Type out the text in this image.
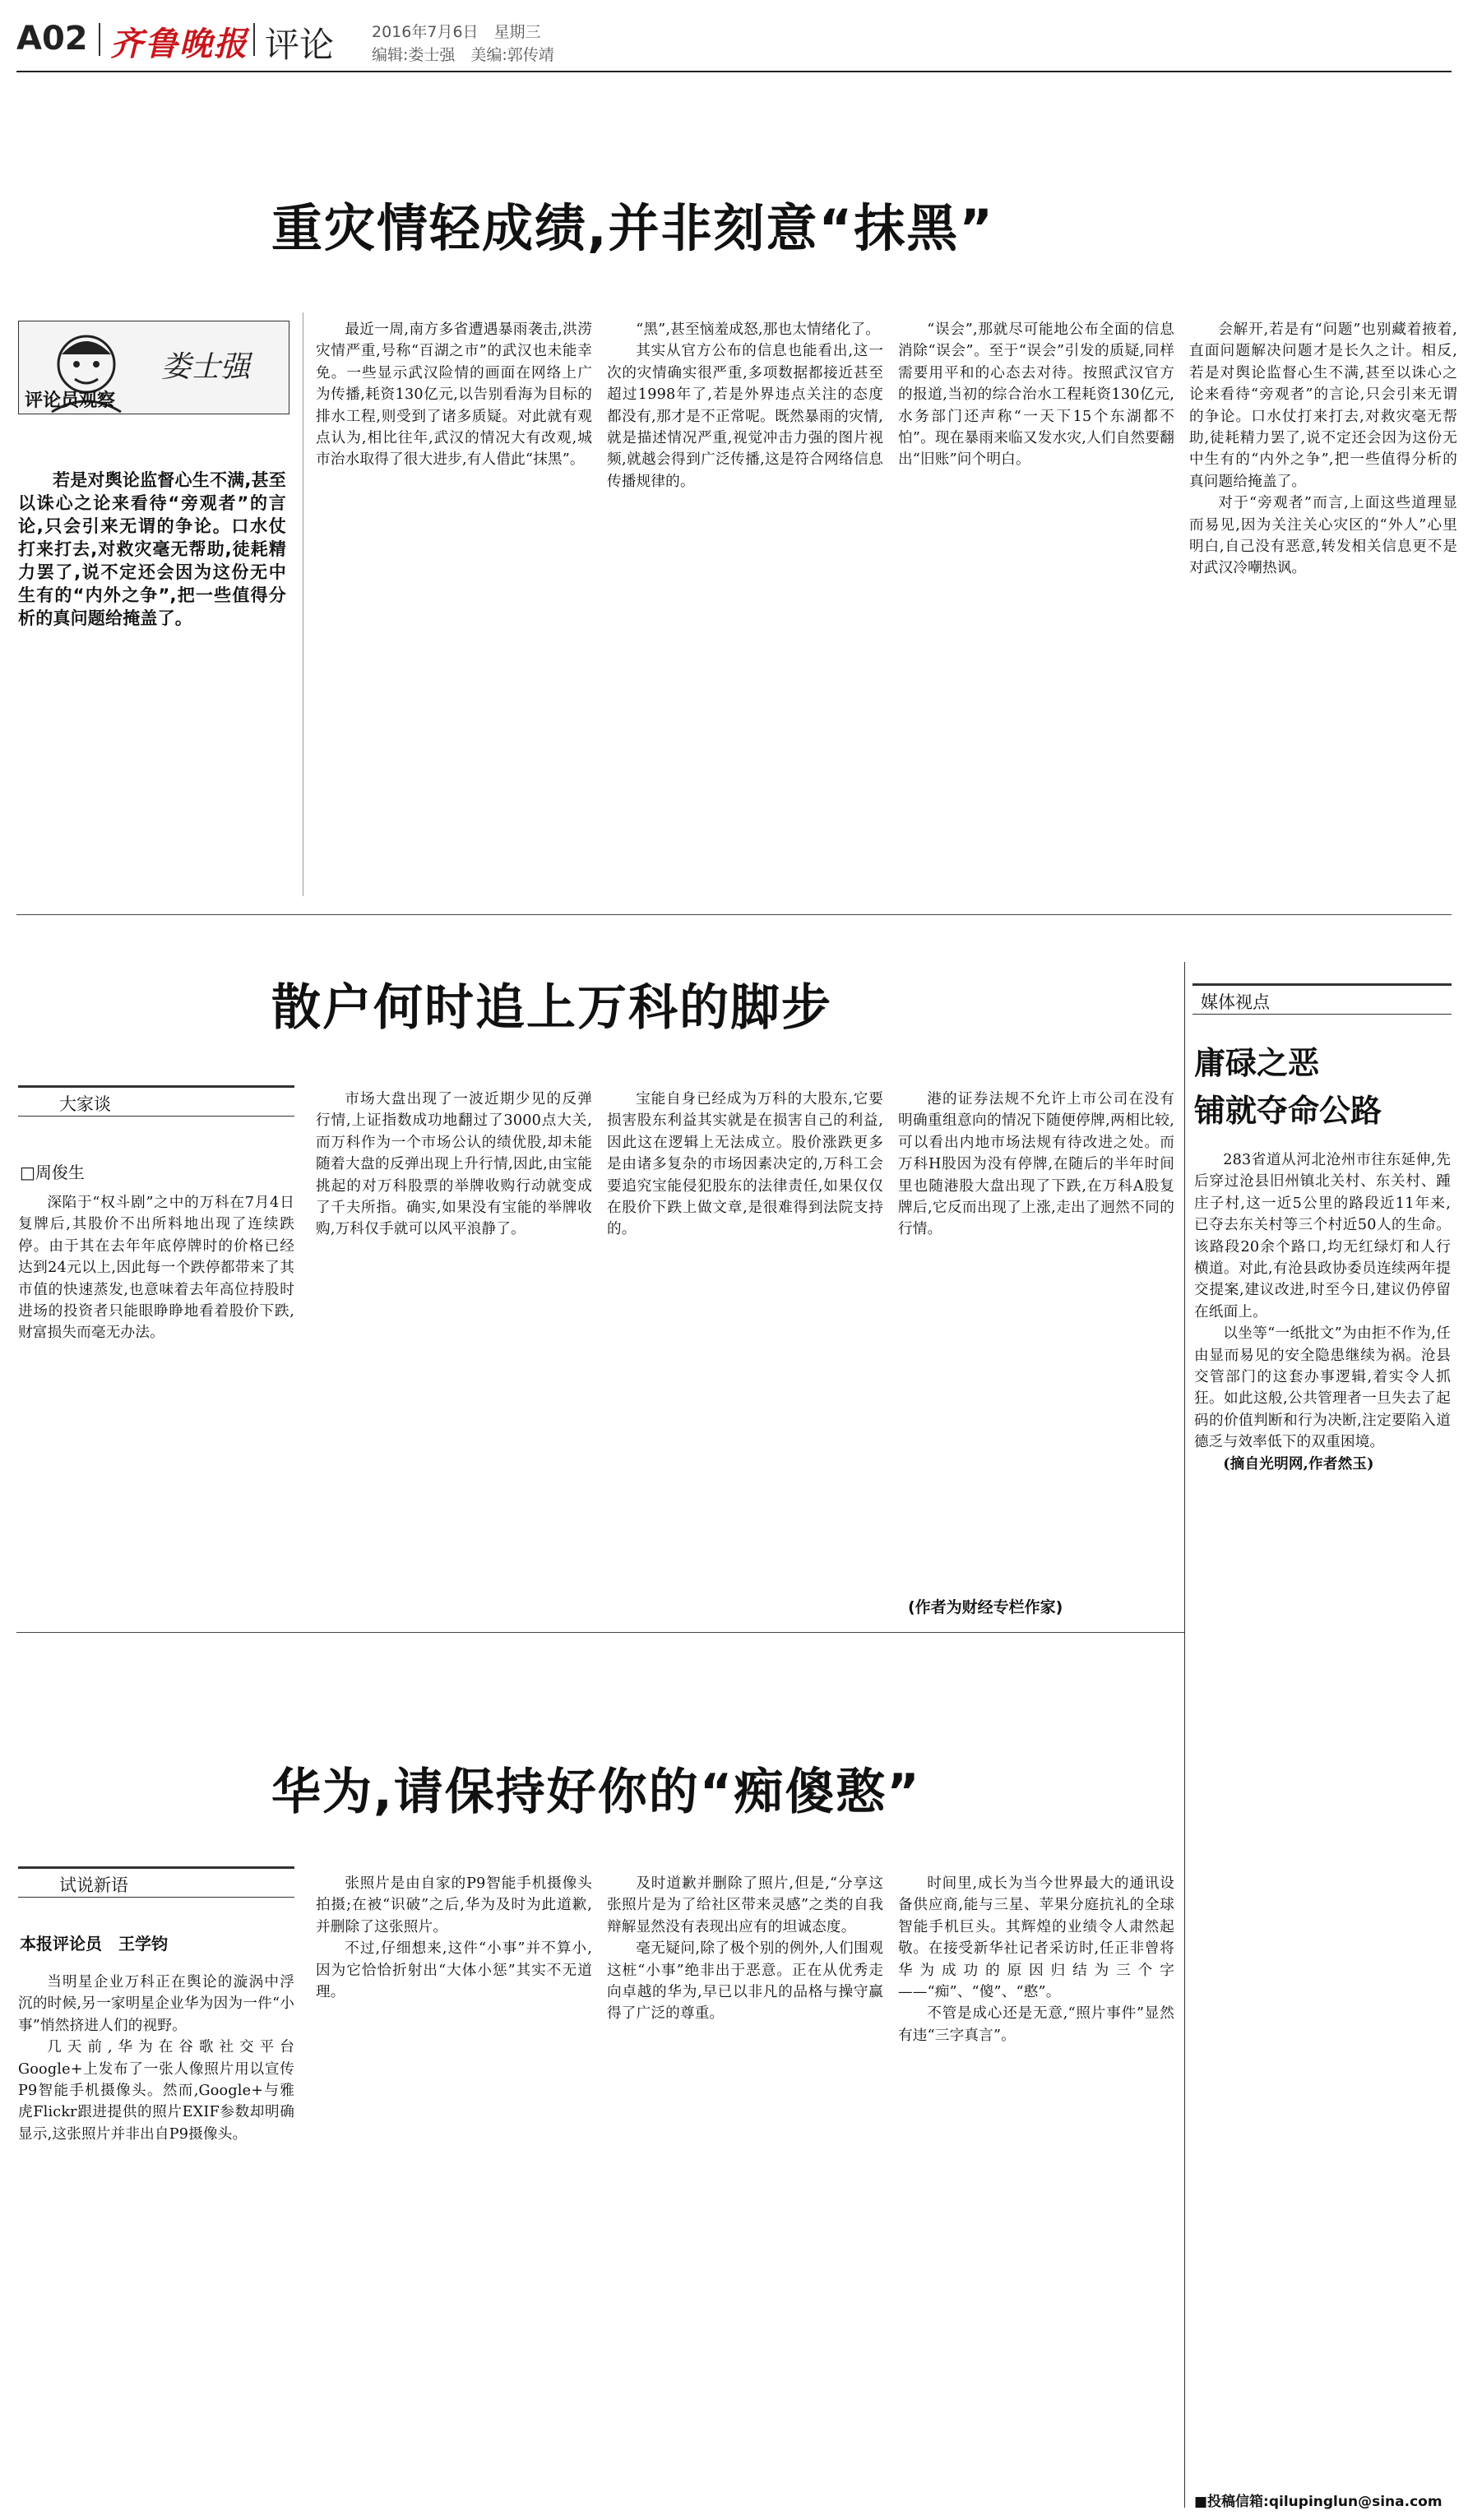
A02 齐鲁晚报 评论 2016年7月6日　星期三
编辑:娄士强　美编:郭传靖
重灾情轻成绩,并非刻意“抹黑”
娄士强
评论员观察

若是对舆论监督心生不满,甚至以诛心之论来看待“旁观者”的言论,只会引来无谓的争论。口水仗打来打去,对救灾毫无帮助,徒耗精力罢了,说不定还会因为这份无中生有的“内外之争”,把一些值得分析的真问题给掩盖了。

最近一周,南方多省遭遇暴雨袭击,洪涝灾情严重,号称“百湖之市”的武汉也未能幸免。一些显示武汉险情的画面在网络上广为传播,耗资130亿元,以告别看海为目标的排水工程,则受到了诸多质疑。对此就有观点认为,相比往年,武汉的情况大有改观,城市治水取得了很大进步,有人借此“抹黑”。

“黑”,甚至恼羞成怒,那也太情绪化了。

其实从官方公布的信息也能看出,这一次的灾情确实很严重,多项数据都接近甚至超过1998年了,若是外界违点关注的态度都没有,那才是不正常呢。既然暴雨的灾情,就是描述情况严重,视觉冲击力强的图片视频,就越会得到广泛传播,这是符合网络信息传播规律的。

“误会”,那就尽可能地公布全面的信息消除“误会”。至于“误会”引发的质疑,同样需要用平和的心态去对待。按照武汉官方的报道,当初的综合治水工程耗资130亿元,水务部门还声称“一天下15个东湖都不怕”。现在暴雨来临又发水灾,人们自然要翻出“旧账”问个明白。

会解开,若是有“问题”也别藏着掖着,直面问题解决问题才是长久之计。相反,若是对舆论监督心生不满,甚至以诛心之论来看待“旁观者”的言论,只会引来无谓的争论。口水仗打来打去,对救灾毫无帮助,徒耗精力罢了,说不定还会因为这份无中生有的“内外之争”,把一些值得分析的真问题给掩盖了。

对于“旁观者”而言,上面这些道理显而易见,因为关注关心灾区的“外人”心里明白,自己没有恶意,转发相关信息更不是对武汉冷嘲热讽。

散户何时追上万科的脚步
大家谈
□周俊生

深陷于“权斗剧”之中的万科在7月4日复牌后,其股价不出所料地出现了连续跌停。由于其在去年年底停牌时的价格已经达到24元以上,因此每一个跌停都带来了其市值的快速蒸发,也意味着去年高位持股时进场的投资者只能眼睁睁地看着股价下跌,财富损失而毫无办法。

市场大盘出现了一波近期少见的反弹行情,上证指数成功地翻过了3000点大关,而万科作为一个市场公认的绩优股,却未能随着大盘的反弹出现上升行情,因此,由宝能挑起的对万科股票的举牌收购行动就变成了千夫所指。确实,如果没有宝能的举牌收购,万科仅手就可以风平浪静了。

宝能自身已经成为万科的大股东,它要损害股东利益其实就是在损害自己的利益,因此这在逻辑上无法成立。股价涨跌更多是由诸多复杂的市场因素决定的,万科工会要追究宝能侵犯股东的法律责任,如果仅仅在股价下跌上做文章,是很难得到法院支持的。

港的证券法规不允许上市公司在没有明确重组意向的情况下随便停牌,两相比较,可以看出内地市场法规有待改进之处。而万科H股因为没有停牌,在随后的半年时间里也随港股大盘出现了下跌,在万科A股复牌后,它反而出现了上涨,走出了迥然不同的行情。

(作者为财经专栏作家)
媒体视点
庸碌之恶
铺就夺命公路

283省道从河北沧州市往东延伸,先后穿过沧县旧州镇北关村、东关村、踵庄子村,这一近5公里的路段近11年来,已夺去东关村等三个村近50人的生命。该路段20余个路口,均无红绿灯和人行横道。对此,有沧县政协委员连续两年提交提案,建议改进,时至今日,建议仍停留在纸面上。

以坐等“一纸批文”为由拒不作为,任由显而易见的安全隐患继续为祸。沧县交管部门的这套办事逻辑,着实令人抓狂。如此这般,公共管理者一旦失去了起码的价值判断和行为决断,注定要陷入道德乏与效率低下的双重困境。

(摘自光明网,作者然玉)

■投稿信箱:qilupinglun@sina.com
华为,请保持好你的“痴傻憨”
试说新语
本报评论员　王学钧

当明星企业万科正在舆论的漩涡中浮沉的时候,另一家明星企业华为因为一件“小事”悄然挤进人们的视野。

几天前,华为在谷歌社交平台Google+上发布了一张人像照片用以宣传P9智能手机摄像头。然而,Google+与雅虎Flickr跟进提供的照片EXIF参数却明确显示,这张照片并非出自P9摄像头。

张照片是由自家的P9智能手机摄像头拍摄;在被“识破”之后,华为及时为此道歉,并删除了这张照片。

不过,仔细想来,这件“小事”并不算小,因为它恰恰折射出“大体小惩”其实不无道理。

及时道歉并删除了照片,但是,“分享这张照片是为了给社区带来灵感”之类的自我辩解显然没有表现出应有的坦诚态度。

毫无疑问,除了极个别的例外,人们围观这桩“小事”绝非出于恶意。正在从优秀走向卓越的华为,早已以非凡的品格与操守赢得了广泛的尊重。

时间里,成长为当今世界最大的通讯设备供应商,能与三星、苹果分庭抗礼的全球智能手机巨头。其辉煌的业绩令人肃然起敬。在接受新华社记者采访时,任正非曾将华为成功的原因归结为三个字——“痴”、“傻”、“憨”。

不管是成心还是无意,“照片事件”显然有违“三字真言”。
